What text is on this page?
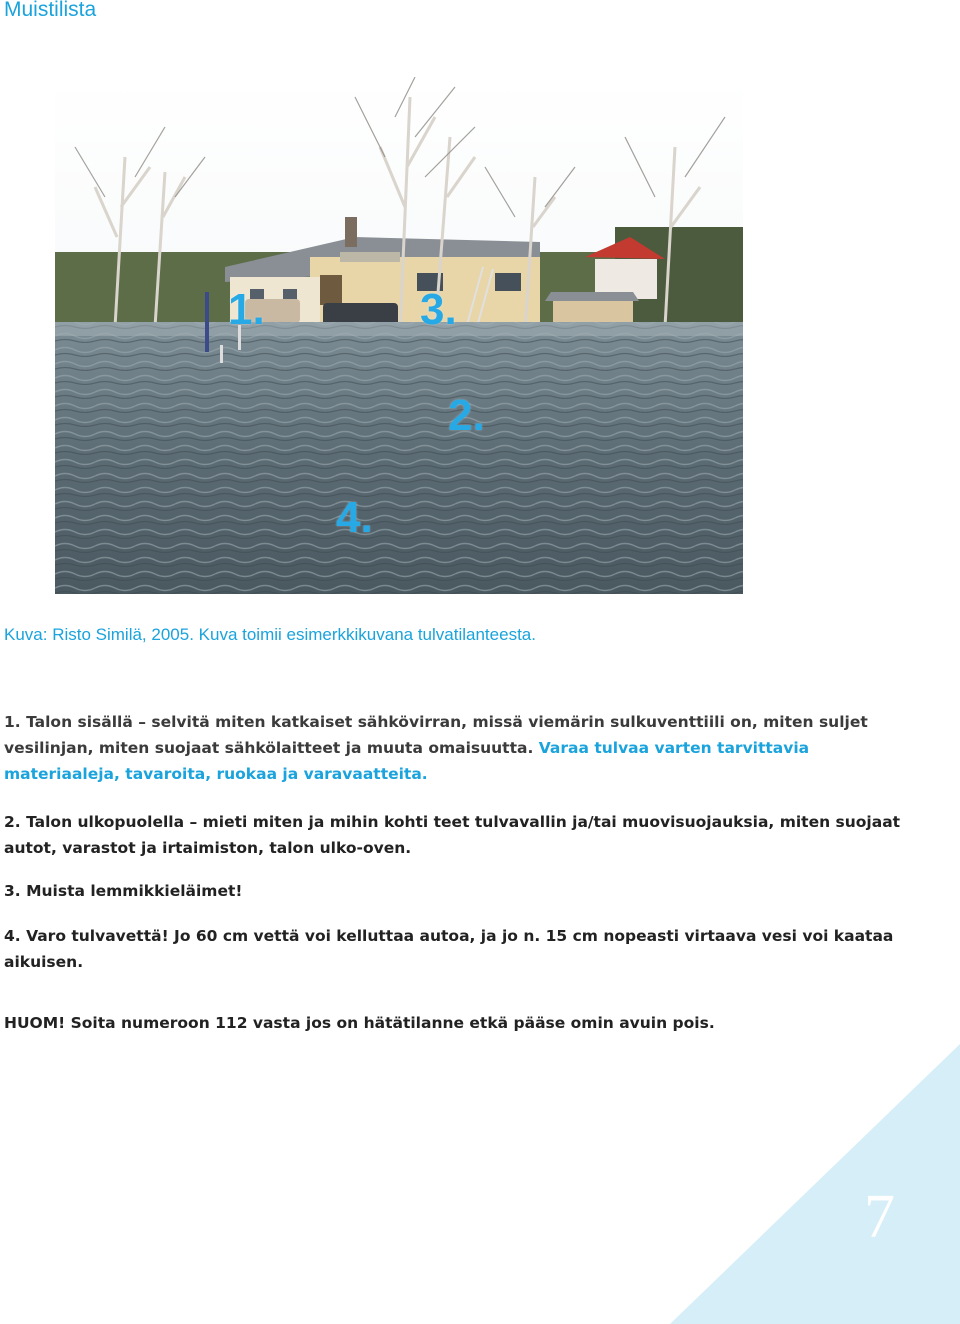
Muistilista
1.	3.
2.
4.
Kuva: Risto Similä, 2005. Kuva toimii esimerkkikuvana tulvatilanteesta.
1. Talon sisällä – selvitä miten katkaiset sähkövirran, missä viemärin sulkuventtiili on, miten suljet vesilinjan, miten suojaat sähkölaitteet ja muuta omaisuutta. Varaa tulvaa varten tarvittavia materiaaleja, tavaroita, ruokaa ja varavaatteita.
2. Talon ulkopuolella – mieti miten ja mihin kohti teet tulvavallin ja/tai muovisuojauksia, miten suojaat autot, varastot ja irtaimiston, talon ulko-oven.
3. Muista lemmikkieläimet!
4. Varo tulvavettä! Jo 60 cm vettä voi kelluttaa autoa, ja jo n. 15 cm nopeasti virtaava vesi voi kaataa aikuisen.
HUOM! Soita numeroon 112 vasta jos on hätätilanne etkä pääse omin avuin pois.
7
